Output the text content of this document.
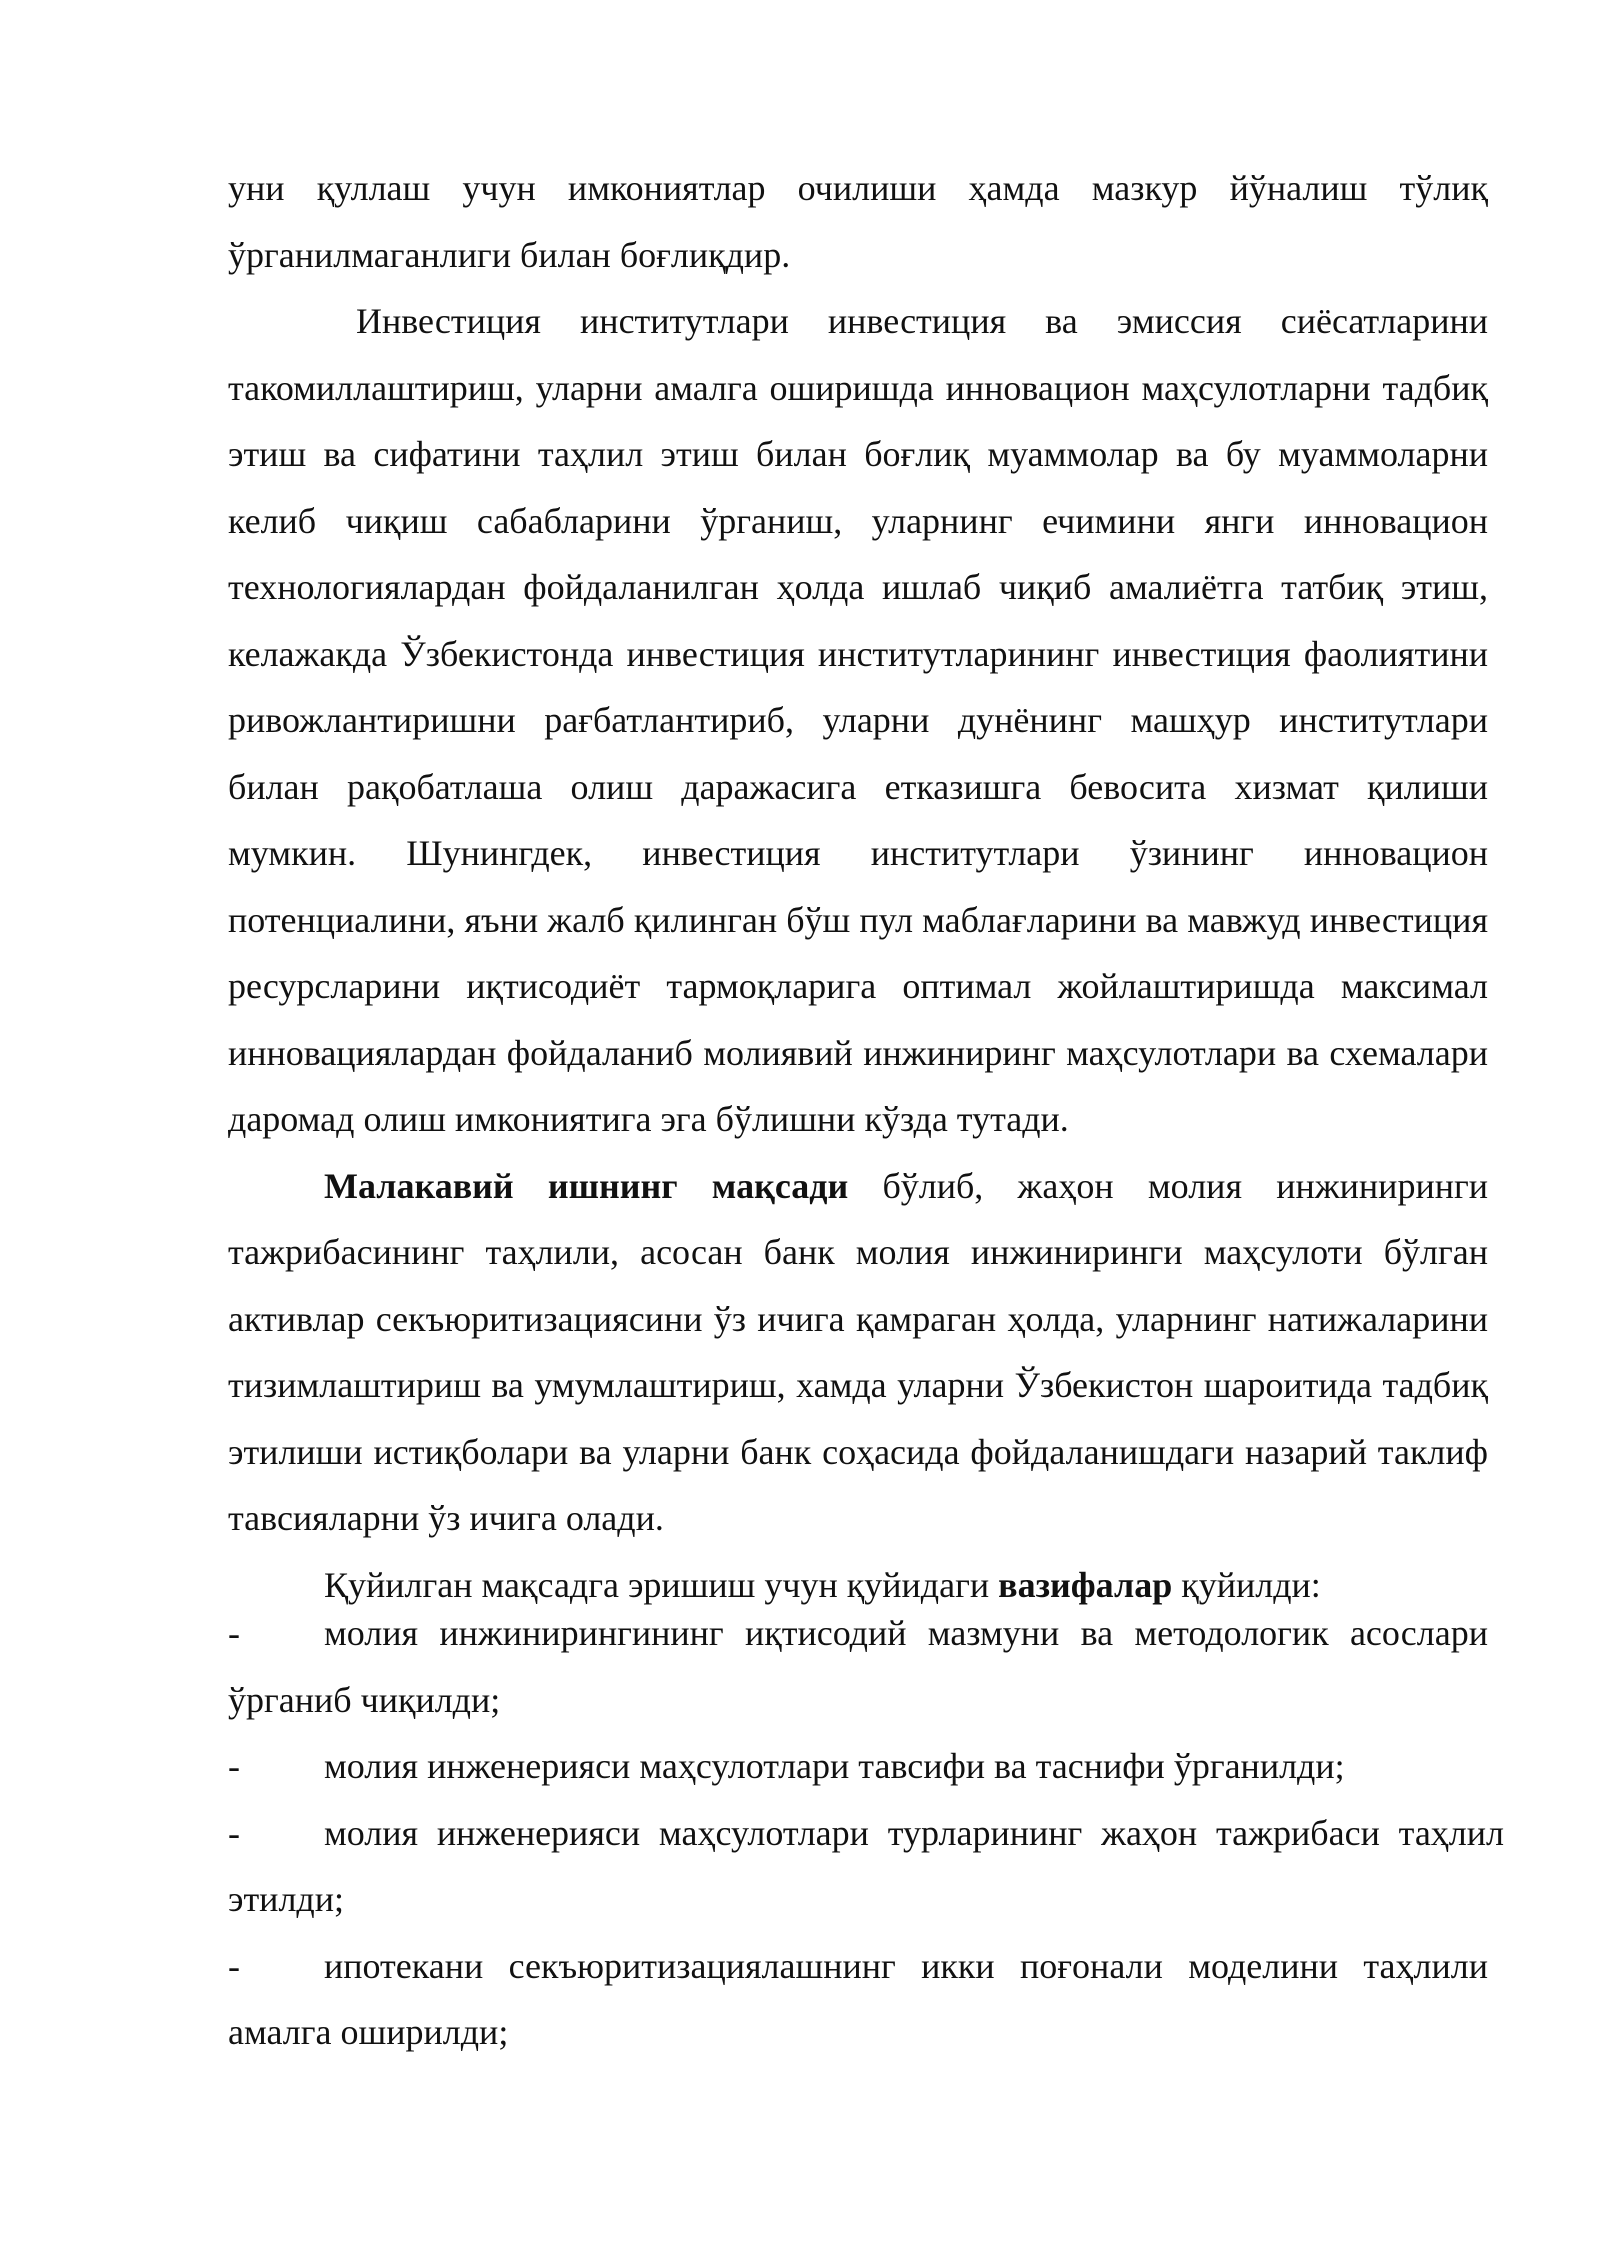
уни қуллаш учун имкониятлар очилиши ҳамда мазкур йўналиш тўлиқ ўрганилмаганлиги билан боғлиқдир.

Инвестиция институтлари инвестиция ва эмиссия сиёсатларини такомиллаштириш, уларни амалга оширишда инновацион маҳсулотларни тадбиқ этиш ва сифатини таҳлил этиш билан боғлиқ муаммолар ва бу муаммоларни келиб чиқиш сабабларини ўрганиш, уларнинг ечимини янги инновацион технологиялардан фойдаланилган ҳолда ишлаб чиқиб амалиётга татбиқ этиш, келажакда Ўзбекистонда инвестиция институтларининг инвестиция фаолиятини ривожлантиришни рағбатлантириб, уларни дунёнинг машҳур институтлари билан рақобатлаша олиш даражасига етказишга бевосита хизмат қилиши мумкин. Шунингдек, инвестиция институтлари ўзининг инновацион потенциалини, яъни жалб қилинган бўш пул маблағларини ва мавжуд инвестиция ресурсларини иқтисодиёт тармоқларига оптимал жойлаштиришда максимал инновациялардан фойдаланиб молиявий инжиниринг маҳсулотлари ва схемалари даромад олиш имкониятига эга бўлишни кўзда тутади.

Малакавий ишнинг мақсади бўлиб, жаҳон молия инжиниринги тажрибасининг таҳлили, асосан банк молия инжиниринги маҳсулоти бўлган активлар секъюритизациясини ўз ичига қамраган ҳолда, уларнинг натижаларини тизимлаштириш ва умумлаштириш, хамда уларни Ўзбекистон шароитида тадбиқ этилиши истиқболари ва уларни банк соҳасида фойдаланишдаги назарий таклиф тавсияларни ўз ичига олади.

Қуйилган мақсадга эришиш учун қуйидаги вазифалар қуйилди:

- молия инжинирингининг иқтисодий мазмуни ва методологик асослари ўрганиб чиқилди;

- молия инженерияси маҳсулотлари тавсифи ва таснифи ўрганилди;

- молия инженерияси маҳсулотлари турларининг жаҳон тажрибаси таҳлил этилди;

- ипотекани секъюритизациялашнинг икки поғонали моделини таҳлили амалга оширилди;
